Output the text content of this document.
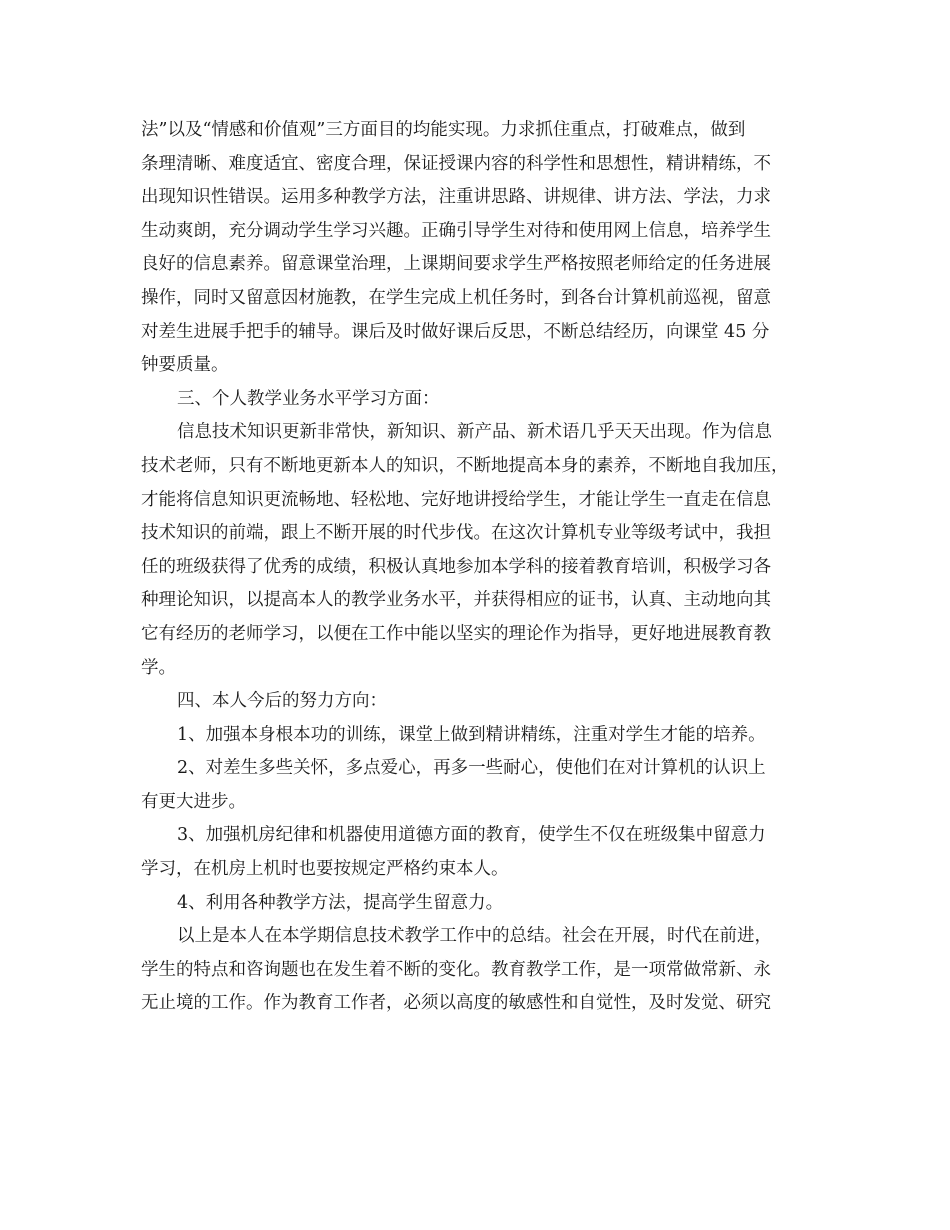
法”以及“情感和价值观”三方面目的均能实现。力求抓住重点，打破难点，做到
条理清晰、难度适宜、密度合理，保证授课内容的科学性和思想性，精讲精练，不
出现知识性错误。运用多种教学方法，注重讲思路、讲规律、讲方法、学法，力求
生动爽朗，充分调动学生学习兴趣。正确引导学生对待和使用网上信息，培养学生
良好的信息素养。留意课堂治理，上课期间要求学生严格按照老师给定的任务进展
操作，同时又留意因材施教，在学生完成上机任务时，到各台计算机前巡视，留意
对差生进展手把手的辅导。课后及时做好课后反思，不断总结经历，向课堂 45 分
钟要质量。
三、个人教学业务水平学习方面：
信息技术知识更新非常快，新知识、新产品、新术语几乎天天出现。作为信息
技术老师，只有不断地更新本人的知识，不断地提高本身的素养，不断地自我加压，
才能将信息知识更流畅地、轻松地、完好地讲授给学生，才能让学生一直走在信息
技术知识的前端，跟上不断开展的时代步伐。在这次计算机专业等级考试中，我担
任的班级获得了优秀的成绩，积极认真地参加本学科的接着教育培训，积极学习各
种理论知识，以提高本人的教学业务水平，并获得相应的证书，认真、主动地向其
它有经历的老师学习，以便在工作中能以坚实的理论作为指导，更好地进展教育教
学。
四、本人今后的努力方向：
1、加强本身根本功的训练，课堂上做到精讲精练，注重对学生才能的培养。
2、对差生多些关怀，多点爱心，再多一些耐心，使他们在对计算机的认识上
有更大进步。
3、加强机房纪律和机器使用道德方面的教育，使学生不仅在班级集中留意力
学习，在机房上机时也要按规定严格约束本人。
4、利用各种教学方法，提高学生留意力。
以上是本人在本学期信息技术教学工作中的总结。社会在开展，时代在前进，
学生的特点和咨询题也在发生着不断的变化。教育教学工作，是一项常做常新、永
无止境的工作。作为教育工作者，必须以高度的敏感性和自觉性，及时发觉、研究
